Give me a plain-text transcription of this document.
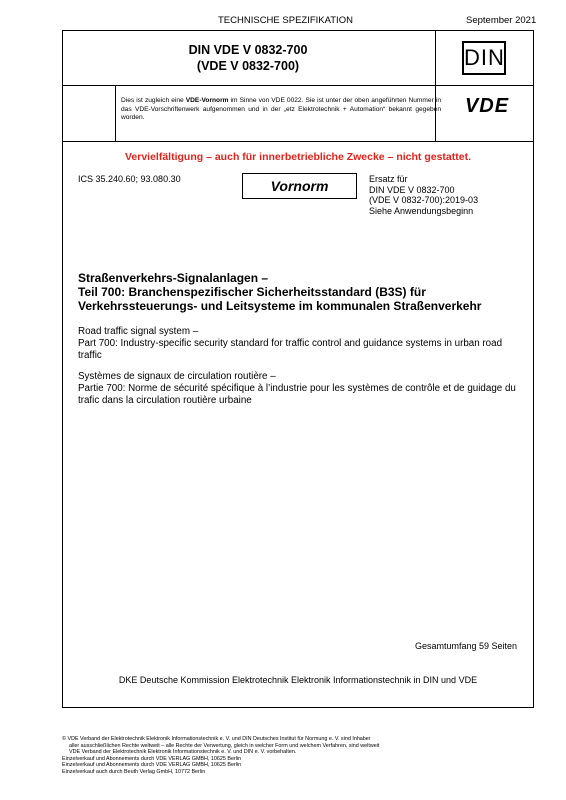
TECHNISCHE SPEZIFIKATION	September 2021
DIN VDE V 0832-700
(VDE V 0832-700)	DIN
Dies ist zugleich eine VDE-Vornorm im Sinne von VDE 0022. Sie ist unter der oben angeführten Nummer in das VDE-Vorschriftenwerk aufgenommen und in der „etz Elektrotechnik + Automation“ bekannt gegeben worden.
VDE
Vervielfältigung – auch für innerbetriebliche Zwecke – nicht gestattet.
ICS 35.240.60; 93.080.30	Vornorm	Ersatz für
DIN VDE V 0832-700
(VDE V 0832-700):2019-03
Siehe Anwendungsbeginn
Straßenverkehrs-Signalanlagen –
Teil 700: Branchenspezifischer Sicherheitsstandard (B3S) für
Verkehrssteuerungs- und Leitsysteme im kommunalen Straßenverkehr
Road traffic signal system –
Part 700: Industry-specific security standard for traffic control and guidance systems in urban road traffic
Systèmes de signaux de circulation routière –
Partie 700: Norme de sécurité spécifique à l’industrie pour les systèmes de contrôle et de guidage du trafic dans la circulation routière urbaine
Gesamtumfang 59 Seiten
DKE Deutsche Kommission Elektrotechnik Elektronik Informationstechnik in DIN und VDE
© VDE Verband der Elektrotechnik Elektronik Informationstechnik e. V. und DIN Deutsches Institut für Normung e. V. sind Inhaber
aller ausschließlichen Rechte weltweit – alle Rechte der Verwertung, gleich in welcher Form und welchem Verfahren, sind weltweit
VDE Verband der Elektrotechnik Elektronik Informationstechnik e. V. und DIN e. V. vorbehalten.
Einzelverkauf und Abonnements durch VDE VERLAG GMBH, 10625 Berlin
Einzelverkauf und Abonnements durch VDE VERLAG GMBH, 10625 Berlin
Einzelverkauf auch durch Beuth Verlag GmbH, 10772 Berlin
